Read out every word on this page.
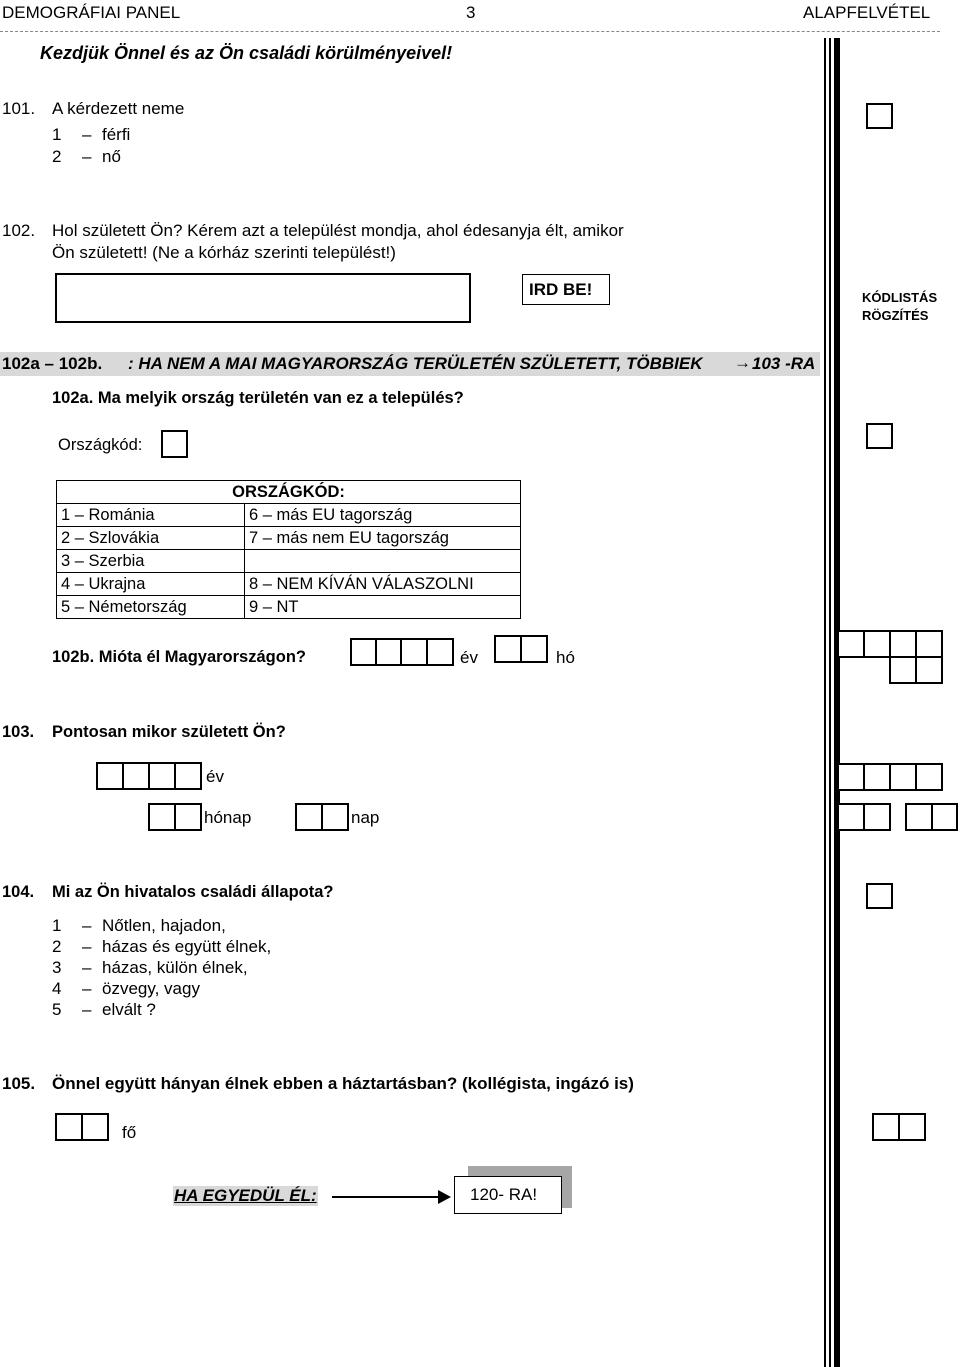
DEMOGRÁFIAI PANEL	3	ALAPFELVÉTEL
Kezdjük Önnel és az Ön családi körülményeivel!
101. A kérdezett neme
1 – férfi
2 – nő
102. Hol született Ön? Kérem azt a települést mondja, ahol édesanyja élt, amikor
Ön született! (Ne a kórház szerinti települést!)
IRD BE!	KÓDLISTÁS
RÖGZÍTÉS
102a – 102b. : HA NEM A MAI MAGYARORSZÁG TERÜLETÉN SZÜLETETT, TÖBBIEK → 103 -RA
102a. Ma melyik ország területén van ez a település?
Országkód:
ORSZÁGKÓD:	
1 – Románia	6 – más EU tagország
2 – Szlovákia	7 – más nem EU tagország
3 – Szerbia	
4 – Ukrajna	8 – NEM KÍVÁN VÁLASZOLNI
5 – Németország	9 – NT
102b. Mióta él Magyarországon?	év	hó
103. Pontosan mikor született Ön?
év
hónap	nap
104. Mi az Ön hivatalos családi állapota?
1 – Nőtlen, hajadon,
2 – házas és együtt élnek,
3 – házas, külön élnek,
4 – özvegy, vagy
5 – elvált ?
105. Önnel együtt hányan élnek ebben a háztartásban? (kollégista, ingázó is)
fő
HA EGYEDÜL ÉL:	120- RA!
